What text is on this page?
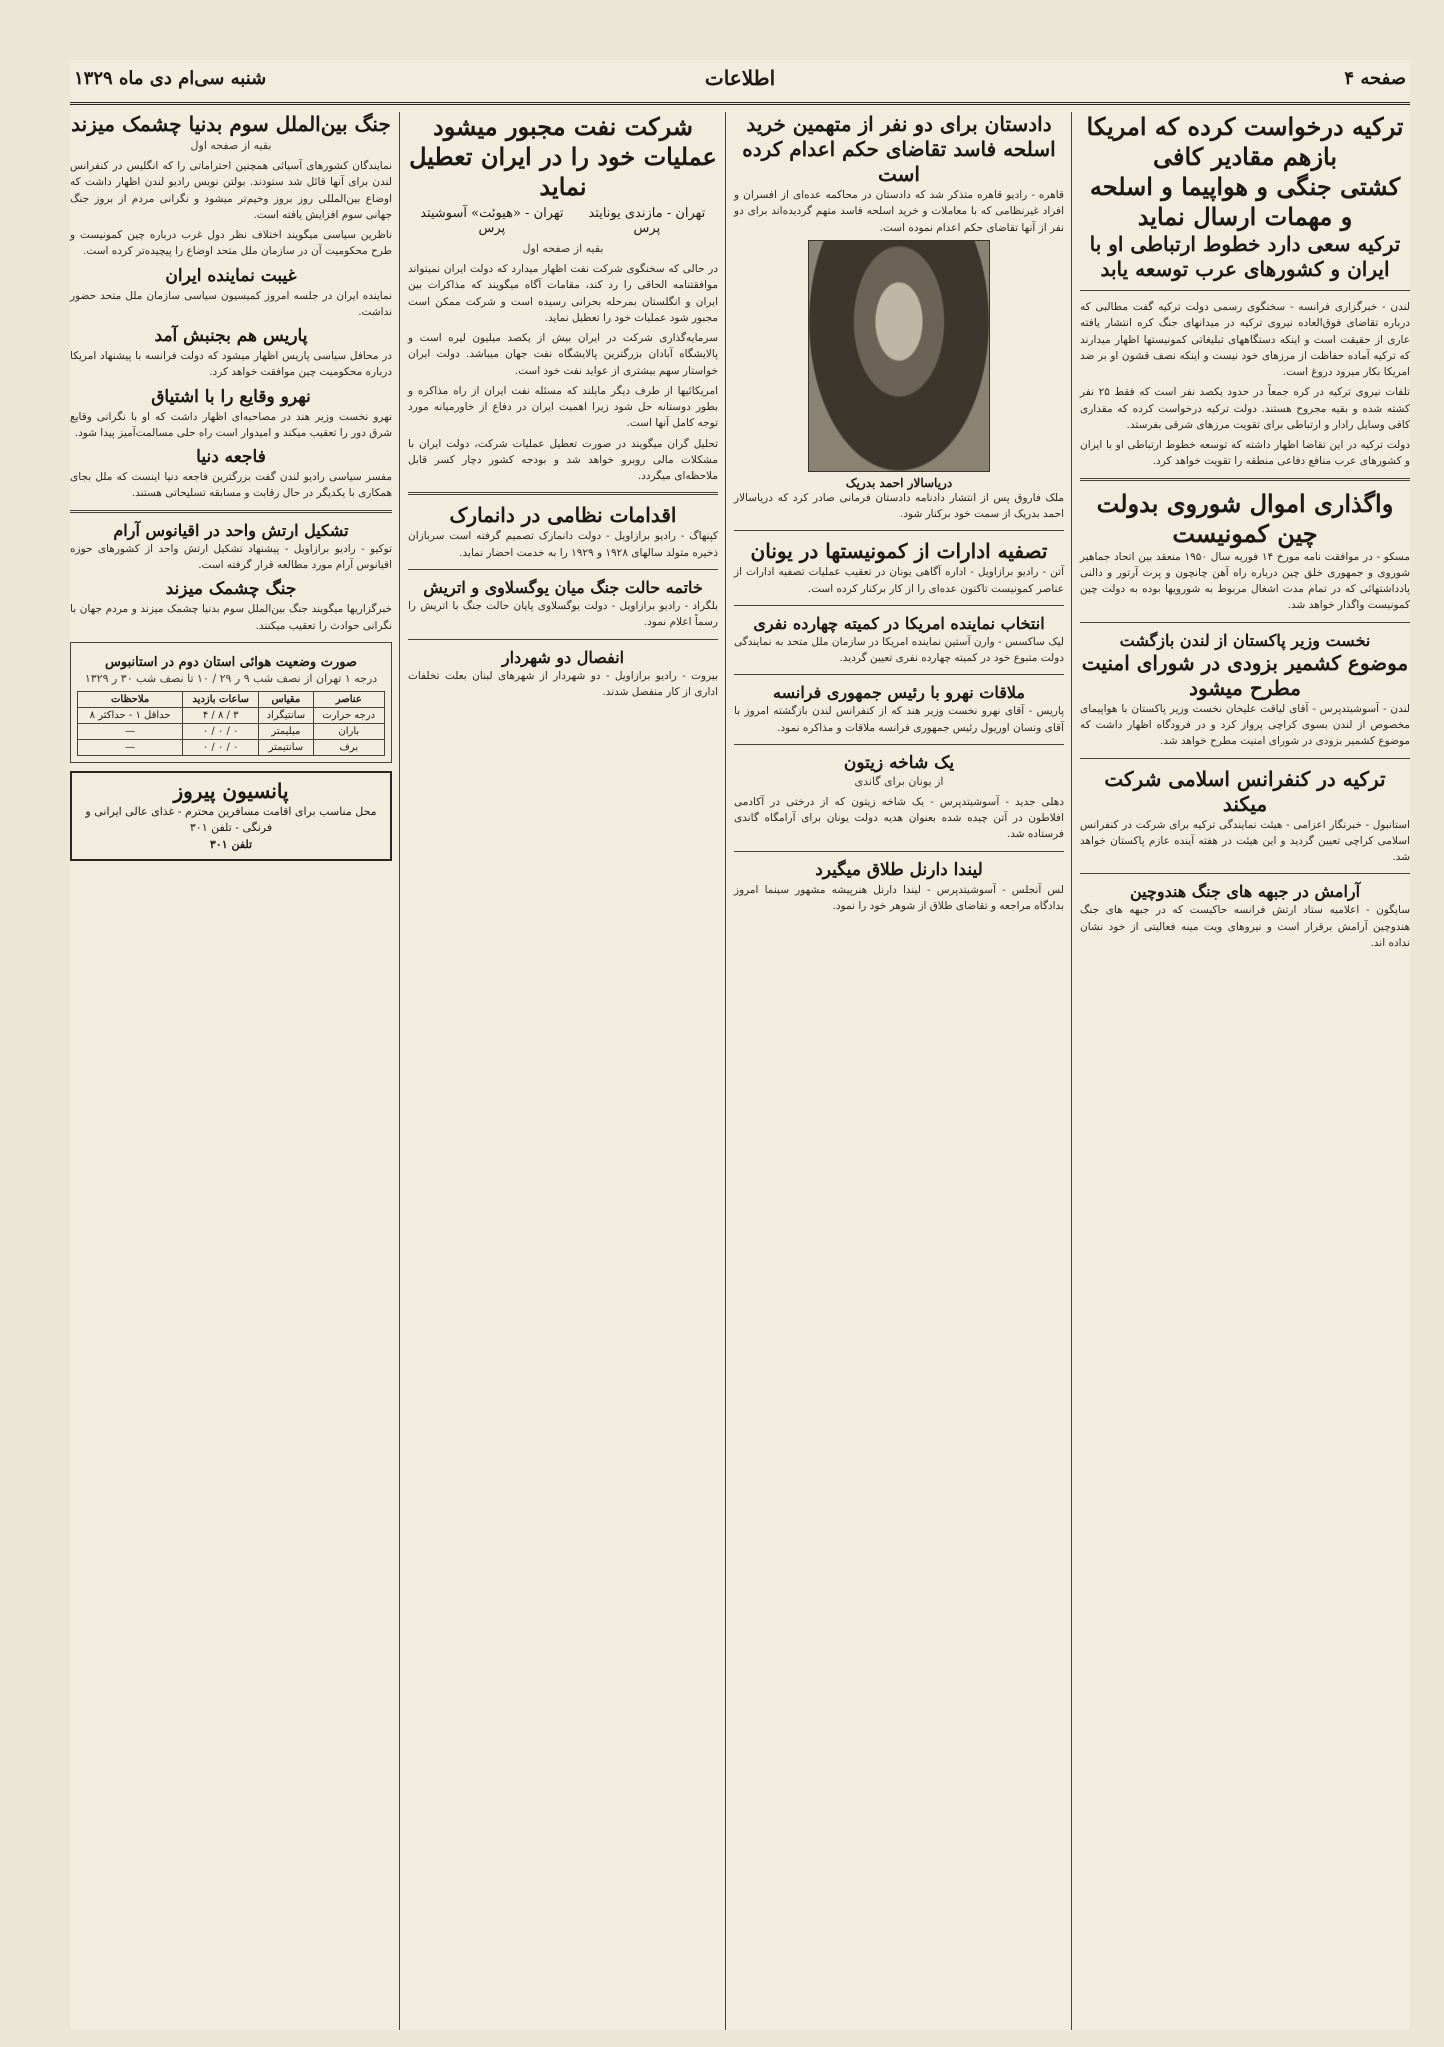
صفحه ۴
اطلاعات
شنبه سی‌ام دی ماه ۱۳۲۹
ترکیه درخواست کرده که امریکا بازهم مقادیر کافی
کشتی جنگی و هواپیما و اسلحه و مهمات ارسال نماید
ترکیه سعی دارد خطوط ارتباطی او با ایران و کشورهای عرب توسعه یابد

لندن - خبرگزاری فرانسه - سخنگوی رسمی دولت ترکیه گفت مطالبی که درباره تقاضای فوق‌العاده نیروی ترکیه در میدانهای جنگ کره انتشار یافته عاری از حقیقت است و اینکه دستگاههای تبلیغاتی کمونیستها اظهار میدارند که ترکیه آماده حفاظت از مرزهای خود نیست و اینکه نصف قشون او بر ضد امریکا بکار میرود دروغ است.

تلفات نیروی ترکیه در کره جمعاً در حدود یکصد نفر است که فقط ۲۵ نفر کشته شده و بقیه مجروح هستند. دولت ترکیه درخواست کرده که مقداری کافی وسایل رادار و ارتباطی برای تقویت مرزهای شرقی بفرستد.

دولت ترکیه در این تقاضا اظهار داشته که توسعه خطوط ارتباطی او با ایران و کشورهای عرب منافع دفاعی منطقه را تقویت خواهد کرد.

واگذاری اموال شوروی بدولت چین کمونیست

مسکو - در موافقت نامه مورخ ۱۴ فوریه سال ۱۹۵۰ منعقد بین اتحاد جماهیر شوروی و جمهوری خلق چین درباره راه آهن چانچون و پرت آرتور و دالنی پادداشتهائی که در تمام مدت اشغال مربوط به شورویها بوده به دولت چین کمونیست واگذار خواهد شد.

نخست وزیر پاکستان از لندن بازگشت
موضوع کشمیر بزودی در شورای امنیت مطرح میشود

لندن - آسوشیتدپرس - آقای لیاقت علیخان نخست وزیر پاکستان با هواپیمای مخصوص از لندن بسوی کراچی پرواز کرد و در فرودگاه اظهار داشت که موضوع کشمیر بزودی در شورای امنیت مطرح خواهد شد.

ترکیه در کنفرانس اسلامی شرکت میکند

استانبول - خبرنگار اعزامی - هیئت نمایندگی ترکیه برای شرکت در کنفرانس اسلامی کراچی تعیین گردید و این هیئت در هفته آینده عازم پاکستان خواهد شد.

آرامش در جبهه های جنگ هندوچین

سایگون - اعلامیه ستاد ارتش فرانسه حاکیست که در جبهه های جنگ هندوچین آرامش برقرار است و نیروهای ویت مینه فعالیتی از خود نشان نداده اند.

دادستان برای دو نفر از متهمین خرید اسلحه فاسد تقاضای حکم اعدام کرده است

قاهره - رادیو قاهره متذکر شد که دادستان در محاکمه عده‌ای از افسران و افراد غیرنظامی که با معاملات و خرید اسلحه فاسد متهم گردیده‌اند برای دو نفر از آنها تقاضای حکم اعدام نموده است.

دریاسالار احمد بدریک

ملک فاروق پس از انتشار دادنامه دادستان فرمانی صادر کرد که دریاسالار احمد بدریک از سمت خود برکنار شود.

تصفیه ادارات از کمونیستها در یونان

آتن - رادیو برازاویل - اداره آگاهی یونان در تعقیب عملیات تصفیه ادارات از عناصر کمونیست تاکنون عده‌ای را از کار برکنار کرده است.

انتخاب نماینده امریکا در کمیته چهارده نفری

لیک ساکسس - وارن آستین نماینده امریکا در سازمان ملل متحد به نمایندگی دولت متبوع خود در کمیته چهارده نفری تعیین گردید.

ملاقات نهرو با رئیس جمهوری فرانسه

پاریس - آقای نهرو نخست وزیر هند که از کنفرانس لندن بازگشته امروز با آقای ونسان اوریول رئیس جمهوری فرانسه ملاقات و مذاکره نمود.

یک شاخه زیتون
از یونان برای گاندی

دهلی جدید - آسوشیتدپرس - یک شاخه زیتون که از درختی در آکادمی افلاطون در آتن چیده شده بعنوان هدیه دولت یونان برای آرامگاه گاندی فرستاده شد.

لیندا دارنل طلاق میگیرد

لس آنجلس - آسوشیتدپرس - لیندا دارنل هنرپیشه مشهور سینما امروز بدادگاه مراجعه و تقاضای طلاق از شوهر خود را نمود.

شرکت نفت مجبور میشود عملیات خود را در ایران تعطیل نماید
تهران - مازندی یونایتد پرس
تهران - «هیوئت» آسوشیتد پرس
بقیه از صفحه اول

در حالی که سخنگوی شرکت نفت اظهار میدارد که دولت ایران نمیتواند موافقتنامه الحاقی را رد کند، مقامات آگاه میگویند که مذاکرات بین ایران و انگلستان بمرحله بحرانی رسیده است و شرکت ممکن است مجبور شود عملیات خود را تعطیل نماید.

سرمایه‌گذاری شرکت در ایران بیش از یکصد میلیون لیره است و پالایشگاه آبادان بزرگترین پالایشگاه نفت جهان میباشد. دولت ایران خواستار سهم بیشتری از عواید نفت خود است.

امریکائیها از طرف دیگر مایلند که مسئله نفت ایران از راه مذاکره و بطور دوستانه حل شود زیرا اهمیت ایران در دفاع از خاورمیانه مورد توجه کامل آنها است.

تحلیل گران میگویند در صورت تعطیل عملیات شرکت، دولت ایران با مشکلات مالی روبرو خواهد شد و بودجه کشور دچار کسر قابل ملاحظه‌ای میگردد.

اقدامات نظامی در دانمارک

کپنهاگ - رادیو برازاویل - دولت دانمارک تصمیم گرفته است سربازان ذخیره متولد سالهای ۱۹۲۸ و ۱۹۲۹ را به خدمت احضار نماید.

خاتمه حالت جنگ میان یوگسلاوی و اتریش

بلگراد - رادیو برازاویل - دولت یوگسلاوی پایان حالت جنگ با اتریش را رسماً اعلام نمود.

انفصال دو شهردار

بیروت - رادیو برازاویل - دو شهردار از شهرهای لبنان بعلت تخلفات اداری از کار منفصل شدند.

جنگ بین‌الملل سوم بدنیا چشمک میزند
بقیه از صفحه اول

نمایندگان کشورهای آسیائی همچنین احتراماتی را که انگلیس در کنفرانس لندن برای آنها قائل شد ستودند. بولتن نویس رادیو لندن اظهار داشت که اوضاع بین‌المللی روز بروز وخیم‌تر میشود و نگرانی مردم از بروز جنگ جهانی سوم افزایش یافته است.

ناظرین سیاسی میگویند اختلاف نظر دول غرب درباره چین کمونیست و طرح محکومیت آن در سازمان ملل متحد اوضاع را پیچیده‌تر کرده است.

غیبت نماینده ایران

نماینده ایران در جلسه امروز کمیسیون سیاسی سازمان ملل متحد حضور نداشت.

پاریس هم بجنبش آمد

در محافل سیاسی پاریس اظهار میشود که دولت فرانسه با پیشنهاد امریکا درباره محکومیت چین موافقت خواهد کرد.

نهرو وقایع را با اشتیاق

نهرو نخست وزیر هند در مصاحبه‌ای اظهار داشت که او با نگرانی وقایع شرق دور را تعقیب میکند و امیدوار است راه حلی مسالمت‌آمیز پیدا شود.

فاجعه دنیا

مفسر سیاسی رادیو لندن گفت بزرگترین فاجعه دنیا اینست که ملل بجای همکاری با یکدیگر در حال رقابت و مسابقه تسلیحاتی هستند.

تشکیل ارتش واحد در اقیانوس آرام

توکیو - رادیو برازاویل - پیشنهاد تشکیل ارتش واحد از کشورهای حوزه اقیانوس آرام مورد مطالعه قرار گرفته است.

جنگ چشمک میزند

خبرگزاریها میگویند جنگ بین‌الملل سوم بدنیا چشمک میزند و مردم جهان با نگرانی حوادث را تعقیب میکنند.

صورت وضعیت هوائی استان دوم در استانبوس
درجه ۱ تهران از نصف شب ۹ ر ۲۹ / ۱۰ تا نصف شب ۳۰ ر ۱۳۲۹
عناصر	مقیاس	ساعات بازدید	ملاحظات
درجه حرارت	سانتیگراد	۳ / ۸ / ۴	حداقل ۱ - حداکثر ۸
باران	میلیمتر	۰ / ۰ / ۰	—
برف	سانتیمتر	۰ / ۰ / ۰	—
پانسیون پیروز
محل مناسب برای اقامت مسافرین محترم - غذای عالی ایرانی و فرنگی - تلفن ۳۰۱
تلفن ۳۰۱
